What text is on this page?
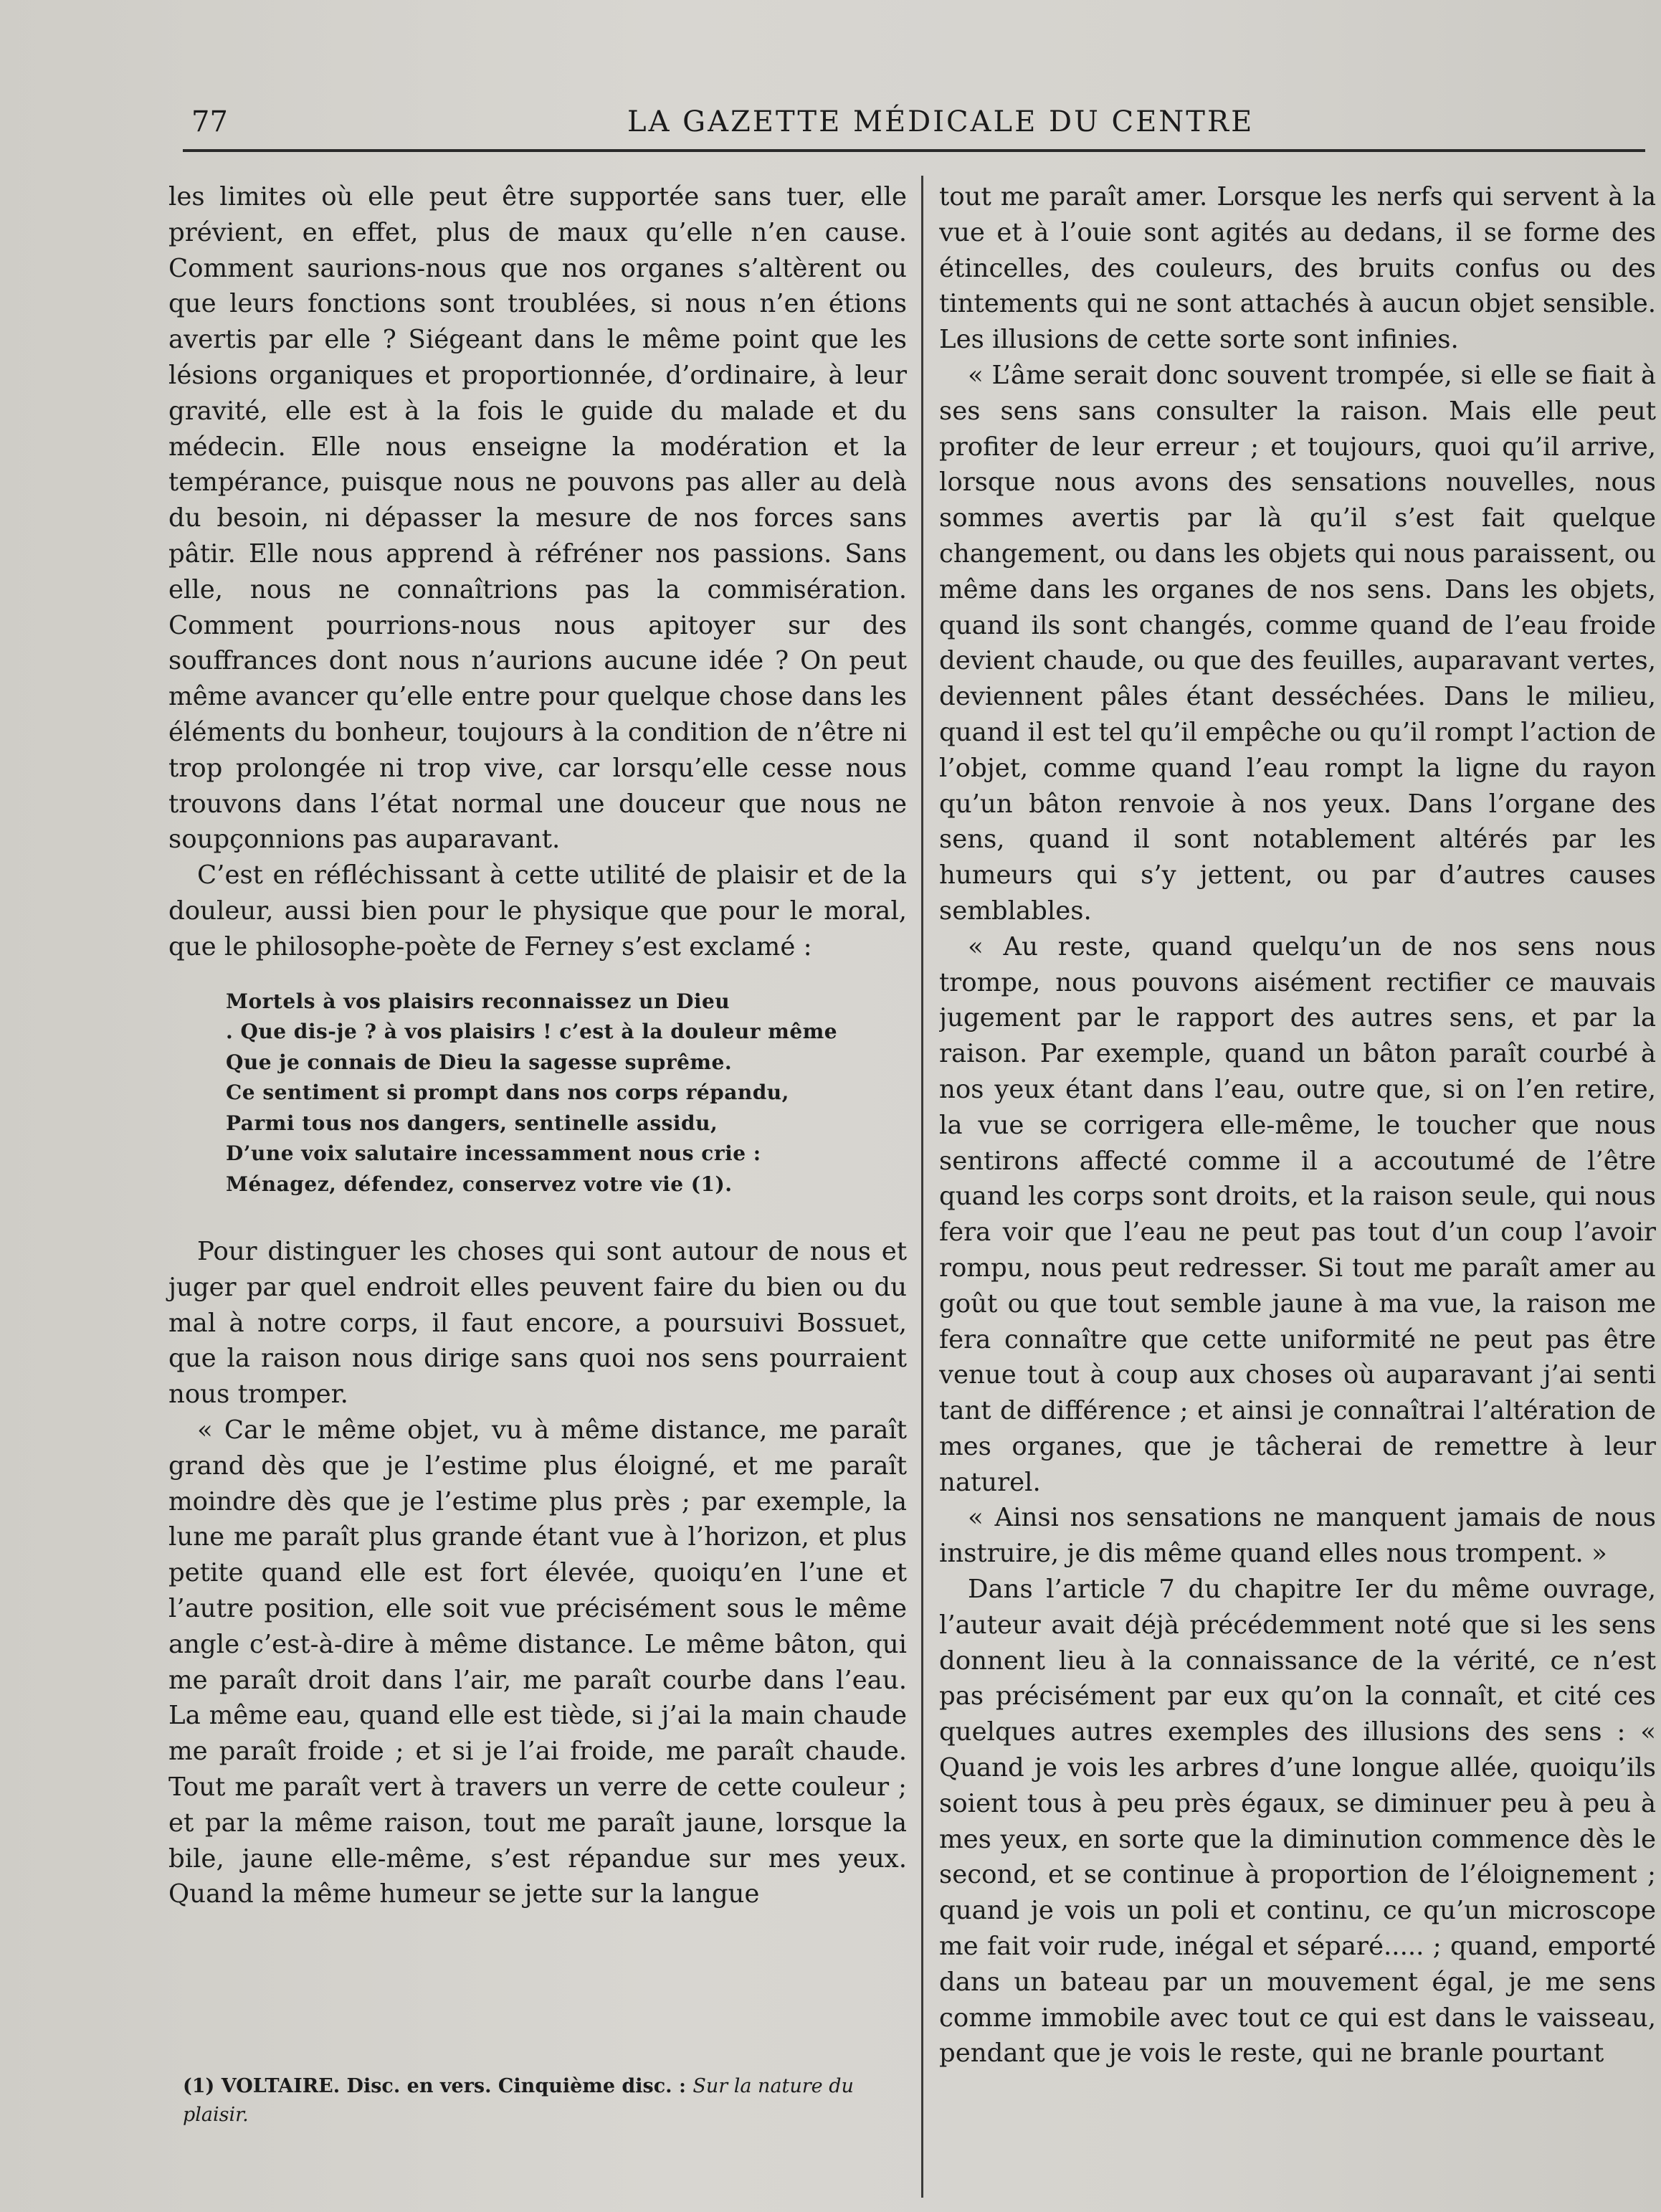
77	LA GAZETTE MÉDICALE DU CENTRE

les limites où elle peut être supportée sans tuer, elle prévient, en effet, plus de maux qu’elle n’en cause. Comment saurions-nous que nos organes s’altèrent ou que leurs fonctions sont troublées, si nous n’en étions avertis par elle ? Siégeant dans le même point que les lésions organiques et proportionnée, d’ordinaire, à leur gravité, elle est à la fois le guide du malade et du médecin. Elle nous enseigne la modération et la tempérance, puisque nous ne pouvons pas aller au delà du besoin, ni dépasser la mesure de nos forces sans pâtir. Elle nous apprend à réfréner nos passions. Sans elle, nous ne connaîtrions pas la commisération. Comment pourrions-nous nous apitoyer sur des souffrances dont nous n’aurions aucune idée ? On peut même avancer qu’elle entre pour quelque chose dans les éléments du bonheur, toujours à la condition de n’être ni trop prolongée ni trop vive, car lorsqu’elle cesse nous trouvons dans l’état normal une douceur que nous ne soupçonnions pas auparavant.

C’est en réfléchissant à cette utilité de plaisir et de la douleur, aussi bien pour le physique que pour le moral, que le philosophe-poète de Ferney s’est exclamé :

Mortels à vos plaisirs reconnaissez un Dieu
. Que dis-je ? à vos plaisirs ! c’est à la douleur même
Que je connais de Dieu la sagesse suprême.
Ce sentiment si prompt dans nos corps répandu,
Parmi tous nos dangers, sentinelle assidu,
D’une voix salutaire incessamment nous crie :
Ménagez, défendez, conservez votre vie (1).

Pour distinguer les choses qui sont autour de nous et juger par quel endroit elles peuvent faire du bien ou du mal à notre corps, il faut encore, a poursuivi Bossuet, que la raison nous dirige sans quoi nos sens pourraient nous tromper.

« Car le même objet, vu à même distance, me paraît grand dès que je l’estime plus éloigné, et me paraît moindre dès que je l’estime plus près ; par exemple, la lune me paraît plus grande étant vue à l’horizon, et plus petite quand elle est fort élevée, quoiqu’en l’une et l’autre position, elle soit vue précisément sous le même angle c’est-à-dire à même distance. Le même bâton, qui me paraît droit dans l’air, me paraît courbe dans l’eau. La même eau, quand elle est tiède, si j’ai la main chaude me paraît froide ; et si je l’ai froide, me paraît chaude. Tout me paraît vert à travers un verre de cette couleur ; et par la même raison, tout me paraît jaune, lorsque la bile, jaune elle-même, s’est répandue sur mes yeux. Quand la même humeur se jette sur la langue

(1) VOLTAIRE. Disc. en vers. Cinquième disc. : Sur la nature du plaisir.

tout me paraît amer. Lorsque les nerfs qui servent à la vue et à l’ouie sont agités au dedans, il se forme des étincelles, des couleurs, des bruits confus ou des tintements qui ne sont attachés à aucun objet sensible. Les illusions de cette sorte sont infinies.

« L’âme serait donc souvent trompée, si elle se fiait à ses sens sans consulter la raison. Mais elle peut profiter de leur erreur ; et toujours, quoi qu’il arrive, lorsque nous avons des sensations nouvelles, nous sommes avertis par là qu’il s’est fait quelque changement, ou dans les objets qui nous paraissent, ou même dans les organes de nos sens. Dans les objets, quand ils sont changés, comme quand de l’eau froide devient chaude, ou que des feuilles, auparavant vertes, deviennent pâles étant desséchées. Dans le milieu, quand il est tel qu’il empêche ou qu’il rompt l’action de l’objet, comme quand l’eau rompt la ligne du rayon qu’un bâton renvoie à nos yeux. Dans l’organe des sens, quand il sont notablement altérés par les humeurs qui s’y jettent, ou par d’autres causes semblables.

« Au reste, quand quelqu’un de nos sens nous trompe, nous pouvons aisément rectifier ce mauvais jugement par le rapport des autres sens, et par la raison. Par exemple, quand un bâton paraît courbé à nos yeux étant dans l’eau, outre que, si on l’en retire, la vue se corrigera elle-même, le toucher que nous sentirons affecté comme il a accoutumé de l’être quand les corps sont droits, et la raison seule, qui nous fera voir que l’eau ne peut pas tout d’un coup l’avoir rompu, nous peut redresser. Si tout me paraît amer au goût ou que tout semble jaune à ma vue, la raison me fera connaître que cette uniformité ne peut pas être venue tout à coup aux choses où auparavant j’ai senti tant de différence ; et ainsi je connaîtrai l’altération de mes organes, que je tâcherai de remettre à leur naturel.

« Ainsi nos sensations ne manquent jamais de nous instruire, je dis même quand elles nous trompent. »

Dans l’article 7 du chapitre Ier du même ouvrage, l’auteur avait déjà précédemment noté que si les sens donnent lieu à la connaissance de la vérité, ce n’est pas précisément par eux qu’on la connaît, et cité ces quelques autres exemples des illusions des sens : « Quand je vois les arbres d’une longue allée, quoiqu’ils soient tous à peu près égaux, se diminuer peu à peu à mes yeux, en sorte que la diminution commence dès le second, et se continue à proportion de l’éloignement ; quand je vois un poli et continu, ce qu’un microscope me fait voir rude, inégal et séparé..... ; quand, emporté dans un bateau par un mouvement égal, je me sens comme immobile avec tout ce qui est dans le vaisseau, pendant que je vois le reste, qui ne branle pourtant
